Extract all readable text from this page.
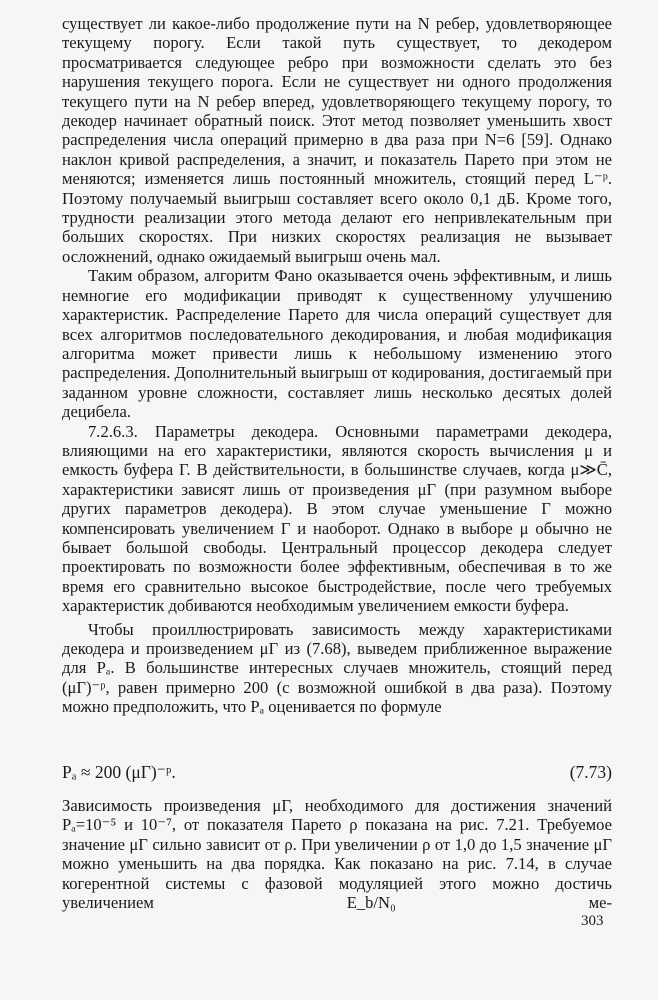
существует ли какое-либо продолжение пути на N ребер, удовлетворяющее текущему порогу. Если такой путь существует, то декодером просматривается следующее ребро при возможности сделать это без нарушения текущего порога. Если не существует ни одного продолжения текущего пути на N ребер вперед, удовлетворяющего текущему порогу, то декодер начинает обратный поиск. Этот метод позволяет уменьшить хвост распределения числа операций примерно в два раза при N=6 [59]. Однако наклон кривой распределения, а значит, и показатель Парето при этом не меняются; изменяется лишь постоянный множитель, стоящий перед L⁻ᵖ. Поэтому получаемый выигрыш составляет всего около 0,1 дБ. Кроме того, трудности реализации этого метода делают его непривлекательным при больших скоростях. При низких скоростях реализация не вызывает осложнений, однако ожидаемый выигрыш очень мал.

Таким образом, алгоритм Фано оказывается очень эффективным, и лишь немногие его модификации приводят к существенному улучшению характеристик. Распределение Парето для числа операций существует для всех алгоритмов последовательного декодирования, и любая модификация алгоритма может привести лишь к небольшому изменению этого распределения. Дополнительный выигрыш от кодирования, достигаемый при заданном уровне сложности, составляет лишь несколько десятых долей децибела.

7.2.6.3. Параметры декодера. Основными параметрами декодера, влияющими на его характеристики, являются скорость вычисления μ и емкость буфера Γ. В действительности, в большинстве случаев, когда μ≫C̄, характеристики зависят лишь от произведения μΓ (при разумном выборе других параметров декодера). В этом случае уменьшение Γ можно компенсировать увеличением Γ и наоборот. Однако в выборе μ обычно не бывает большой свободы. Центральный процессор декодера следует проектировать по возможности более эффективным, обеспечивая в то же время его сравнительно высокое быстродействие, после чего требуемых характеристик добиваются необходимым увеличением емкости буфера.

Чтобы проиллюстрировать зависимость между характеристиками декодера и произведением μΓ из (7.68), выведем приближенное выражение для Pₐ. В большинстве интересных случаев множитель, стоящий перед (μΓ)⁻ᵖ, равен примерно 200 (с возможной ошибкой в два раза). Поэтому можно предположить, что Pₐ оценивается по формуле

Pₐ ≈ 200 (μΓ)⁻ᵖ.	(7.73)

Зависимость произведения μΓ, необходимого для достижения значений Pₐ=10⁻⁵ и 10⁻⁷, от показателя Парето ρ показана на рис. 7.21. Требуемое значение μΓ сильно зависит от ρ. При увеличении ρ от 1,0 до 1,5 значение μΓ можно уменьшить на два порядка. Как показано на рис. 7.14, в случае когерентной системы с фазовой модуляцией этого можно достичь увеличением E_b/N₀ ме-

303
